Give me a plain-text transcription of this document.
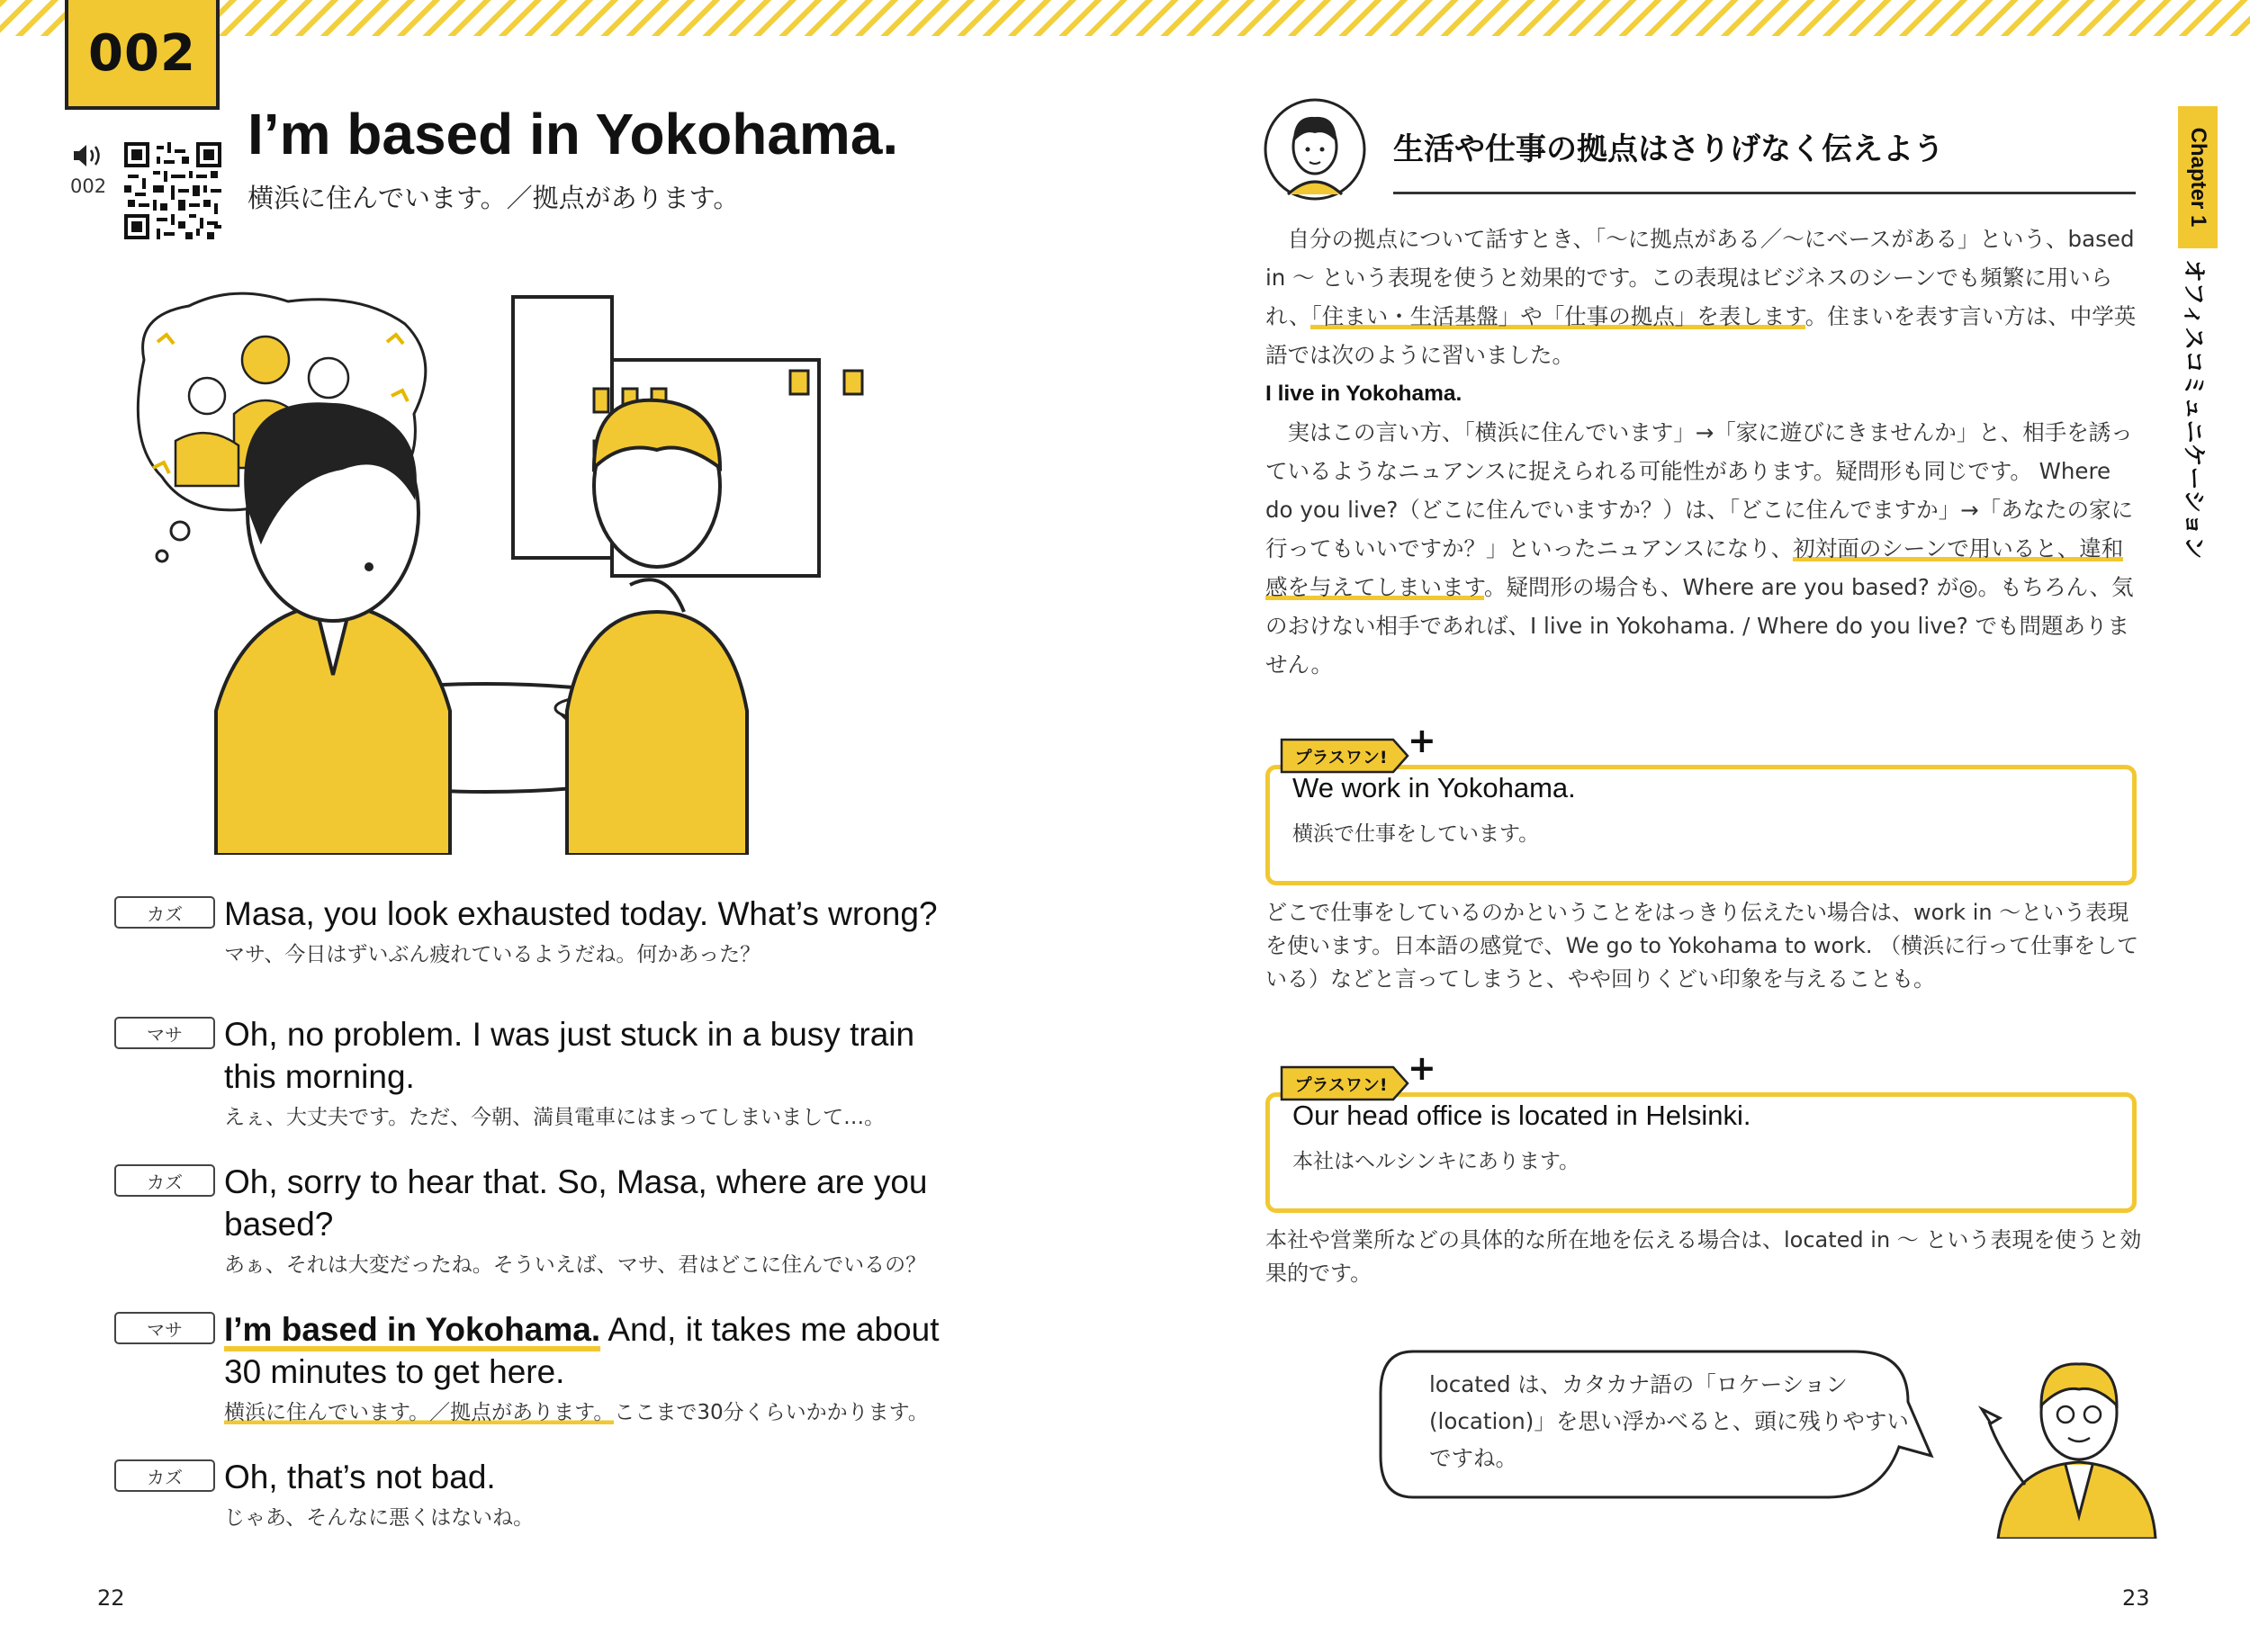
002
I’m based in Yokohama.
横浜に住んでいます。／拠点があります。
002
カズ	Masa, you look exhausted today. What’s wrong?
マサ、今日はずいぶん疲れているようだね。何かあった？
マサ	Oh, no problem. I was just stuck in a busy train this morning.
えぇ、大丈夫です。ただ、今朝、満員電車にはまってしまいまして…。
カズ	Oh, sorry to hear that. So, Masa, where are you based?
あぁ、それは大変だったね。そういえば、マサ、君はどこに住んでいるの？
マサ	I’m based in Yokohama. And, it takes me about 30 minutes to get here.
横浜に住んでいます。／拠点があります。ここまで30分くらいかかります。
カズ	Oh, that’s not bad.
じゃあ、そんなに悪くはないね。
22
生活や仕事の拠点はさりげなく伝えよう

自分の拠点について話すとき、「〜に拠点がある／〜にベースがある」という、based in 〜 という表現を使うと効果的です。この表現はビジネスのシーンでも頻繁に用いられ、「住まい・生活基盤」や「仕事の拠点」を表します。住まいを表す言い方は、中学英語では次のように習いました。

I live in Yokohama.

実はこの言い方、「横浜に住んでいます」→「家に遊びにきませんか」と、相手を誘っているようなニュアンスに捉えられる可能性があります。疑問形も同じです。 Where do you live?（どこに住んでいますか？）は、「どこに住んでますか」→「あなたの家に行ってもいいですか？」といったニュアンスになり、初対面のシーンで用いると、違和感を与えてしまいます。疑問形の場合も、Where are you based? が◎。もちろん、気のおけない相手であれば、I live in Yokohama. / Where do you live? でも問題ありません。

プラスワン! +
We work in Yokohama.
横浜で仕事をしています。
どこで仕事をしているのかということをはっきり伝えたい場合は、work in 〜という表現を使います。日本語の感覚で、We go to Yokohama to work. （横浜に行って仕事をしている）などと言ってしまうと、やや回りくどい印象を与えることも。
プラスワン! +
Our head office is located in Helsinki.
本社はヘルシンキにあります。
本社や営業所などの具体的な所在地を伝える場合は、located in 〜 という表現を使うと効果的です。
located は、カタカナ語の「ロケーション(location)」を思い浮かべると、頭に残りやすいですね。
23
Chapter 1
オフィスコミュニケーション
